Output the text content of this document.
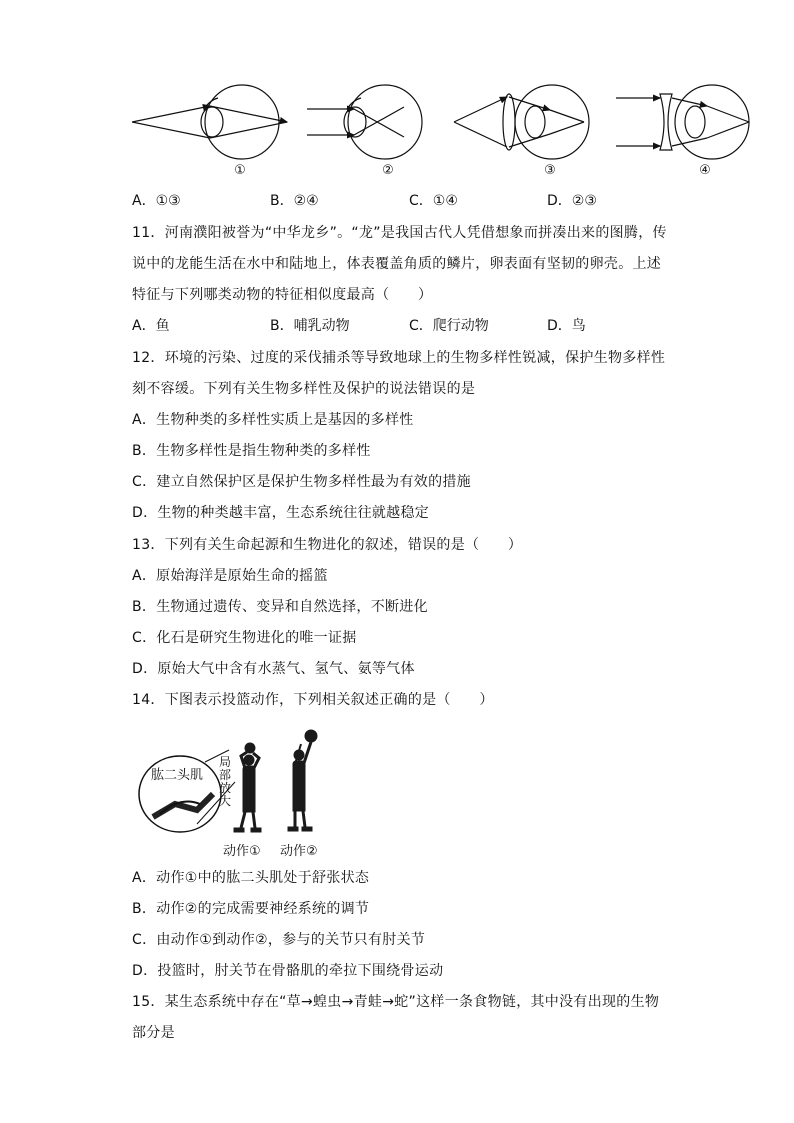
①	②	③	④
A．①③	B．②④	C．①④	D．②③
11．河南濮阳被誉为“中华龙乡”。“龙”是我国古代人凭借想象而拼凑出来的图腾，传
说中的龙能生活在水中和陆地上，体表覆盖角质的鳞片，卵表面有坚韧的卵壳。上述
特征与下列哪类动物的特征相似度最高（　　）
A．鱼	B．哺乳动物	C．爬行动物	D．鸟
12．环境的污染、过度的采伐捕杀等导致地球上的生物多样性锐减，保护生物多样性
刻不容缓。下列有关生物多样性及保护的说法错误的是
A．生物种类的多样性实质上是基因的多样性
B．生物多样性是指生物种类的多样性
C．建立自然保护区是保护生物多样性最为有效的措施
D．生物的种类越丰富，生态系统往往就越稳定
13．下列有关生命起源和生物进化的叙述，错误的是（　　）
A．原始海洋是原始生命的摇篮
B．生物通过遗传、变异和自然选择，不断进化
C．化石是研究生物进化的唯一证据
D．原始大气中含有水蒸气、氢气、氨等气体
14．下图表示投篮动作，下列相关叙述正确的是（　　）
肱二头肌
局
部
放
大
动作① 动作②
A．动作①中的肱二头肌处于舒张状态
B．动作②的完成需要神经系统的调节
C．由动作①到动作②，参与的关节只有肘关节
D．投篮时，肘关节在骨骼肌的牵拉下围绕骨运动
15．某生态系统中存在“草→蝗虫→青蛙→蛇”这样一条食物链，其中没有出现的生物
部分是
